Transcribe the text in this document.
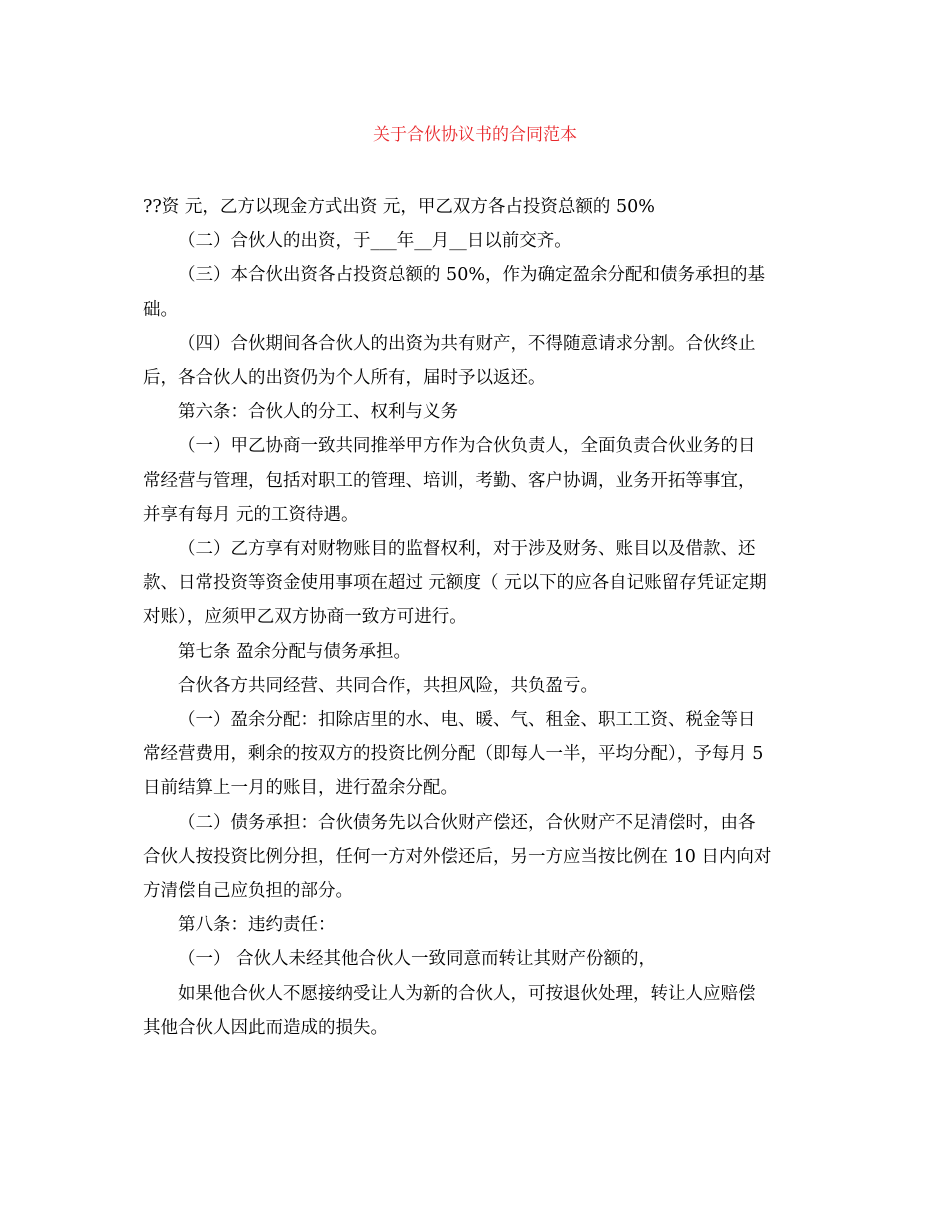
关于合伙协议书的合同范本

??资 元，乙方以现金方式出资 元，甲乙双方各占投资总额的 50%

（二）合伙人的出资，于___年__月__日以前交齐。

（三）本合伙出资各占投资总额的 50%，作为确定盈余分配和债务承担的基

础。

（四）合伙期间各合伙人的出资为共有财产，不得随意请求分割。合伙终止

后，各合伙人的出资仍为个人所有，届时予以返还。

第六条：合伙人的分工、权利与义务

（一）甲乙协商一致共同推举甲方作为合伙负责人，全面负责合伙业务的日

常经营与管理，包括对职工的管理、培训，考勤、客户协调，业务开拓等事宜，

并享有每月 元的工资待遇。

（二）乙方享有对财物账目的监督权利，对于涉及财务、账目以及借款、还

款、日常投资等资金使用事项在超过 元额度（ 元以下的应各自记账留存凭证定期

对账），应须甲乙双方协商一致方可进行。

第七条 盈余分配与债务承担。

合伙各方共同经营、共同合作，共担风险，共负盈亏。

（一）盈余分配：扣除店里的水、电、暖、气、租金、职工工资、税金等日

常经营费用，剩余的按双方的投资比例分配（即每人一半，平均分配），予每月 5

日前结算上一月的账目，进行盈余分配。

（二）债务承担：合伙债务先以合伙财产偿还，合伙财产不足清偿时，由各

合伙人按投资比例分担，任何一方对外偿还后，另一方应当按比例在 10 日内向对

方清偿自己应负担的部分。

第八条：违约责任：

（一） 合伙人未经其他合伙人一致同意而转让其财产份额的，

如果他合伙人不愿接纳受让人为新的合伙人，可按退伙处理，转让人应赔偿

其他合伙人因此而造成的损失。
